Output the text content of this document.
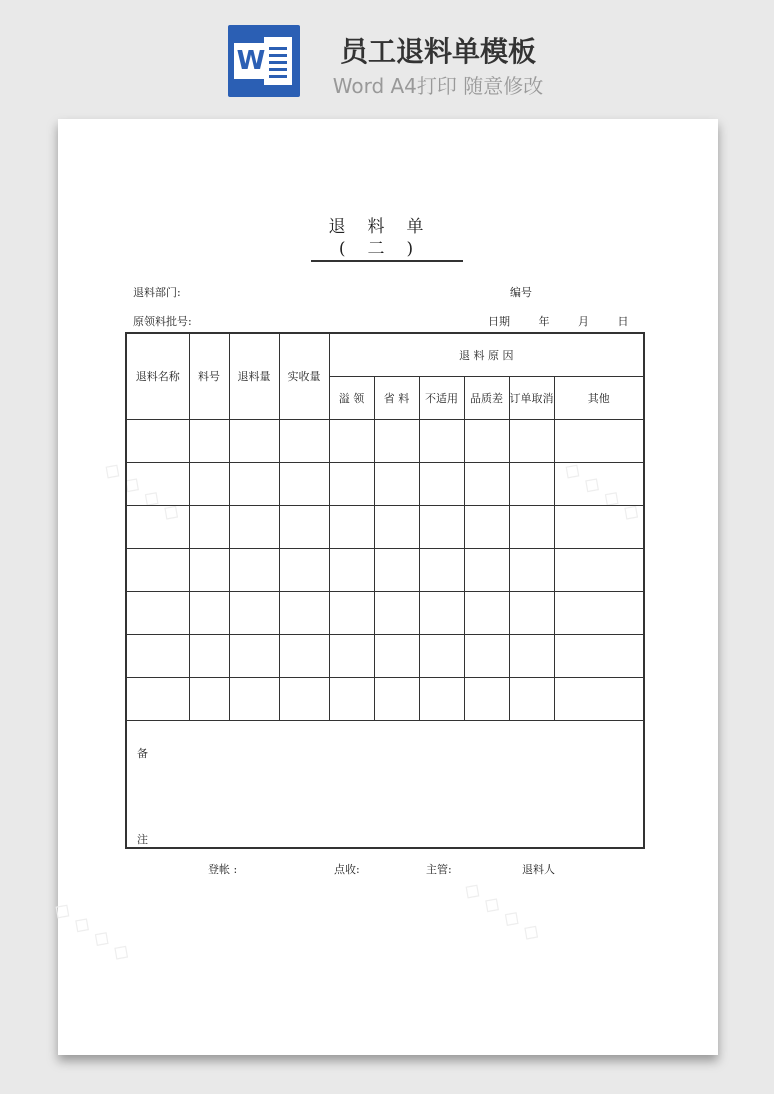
W	员工退料单模板
Word A4打印 随意修改
◇ ◇ ◇ ◇	◇ ◇ ◇ ◇
◇ ◇ ◇ ◇	◇ ◇ ◇ ◇
退料单(二)
退料部门:	编号
原领料批号:	日期	年	月	日
退料名称	料号	退料量	实收量	退 料 原 因					
				溢 领	省 料	不适用	品质差	订单取消	其他

备
注									
登帐 :	点收:	主管:	退料人
